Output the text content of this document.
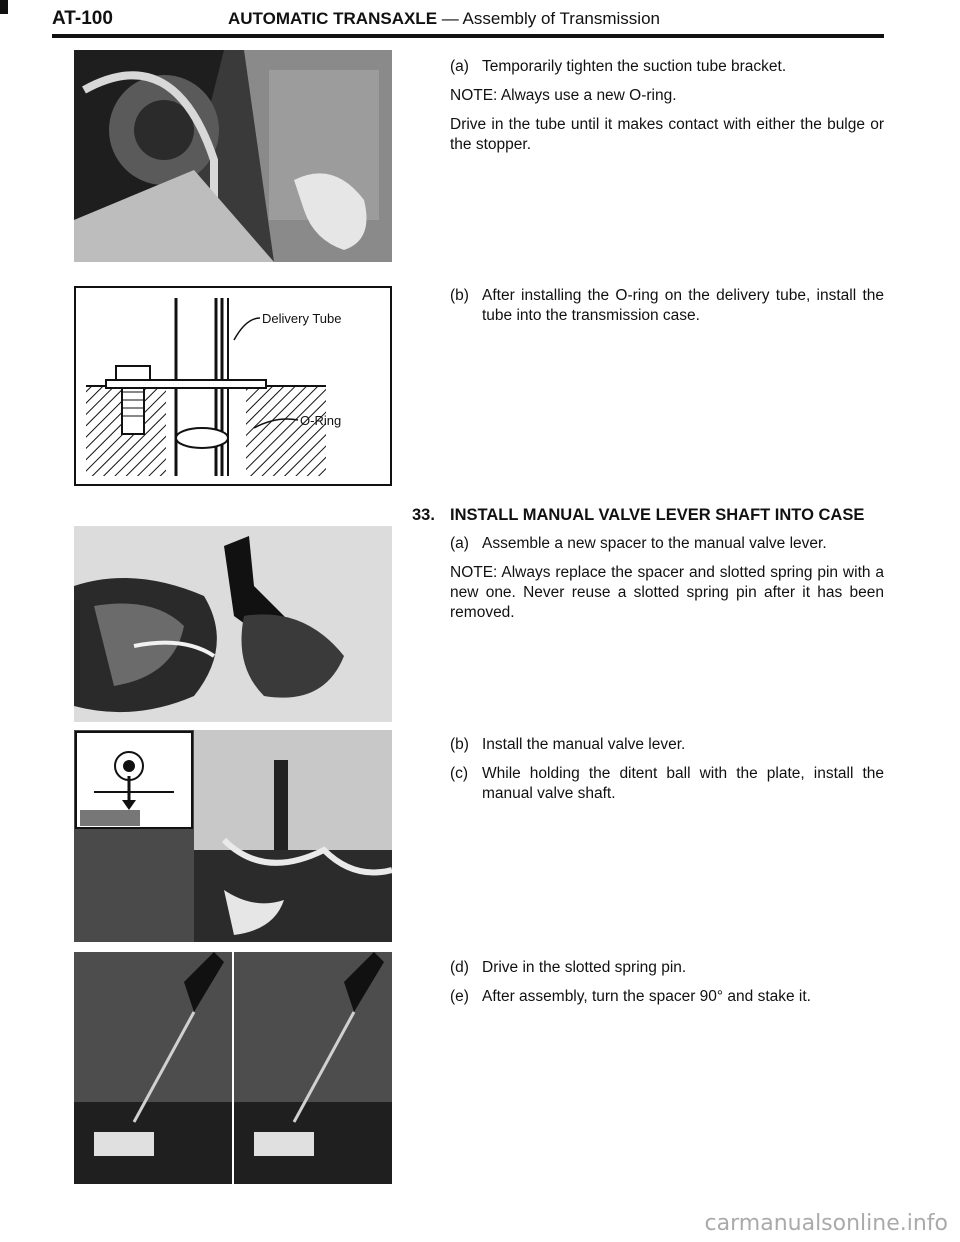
AT-100	AUTOMATIC TRANSAXLE — Assembly of Transmission
Delivery Tube
O-Ring
(a) Temporarily tighten the suction tube bracket.

NOTE: Always use a new O-ring.

Drive in the tube until it makes contact with either the bulge or the stopper.

(b) After installing the O-ring on the delivery tube, install the tube into the transmission case.
33. INSTALL MANUAL VALVE LEVER SHAFT INTO CASE
(a) Assemble a new spacer to the manual valve lever.

NOTE: Always replace the spacer and slotted spring pin with a new one. Never reuse a slotted spring pin after it has been removed.

(b) Install the manual valve lever.
(c) While holding the ditent ball with the plate, install the manual valve shaft.
(d) Drive in the slotted spring pin.
(e) After assembly, turn the spacer 90° and stake it.
carmanualsonline.info
